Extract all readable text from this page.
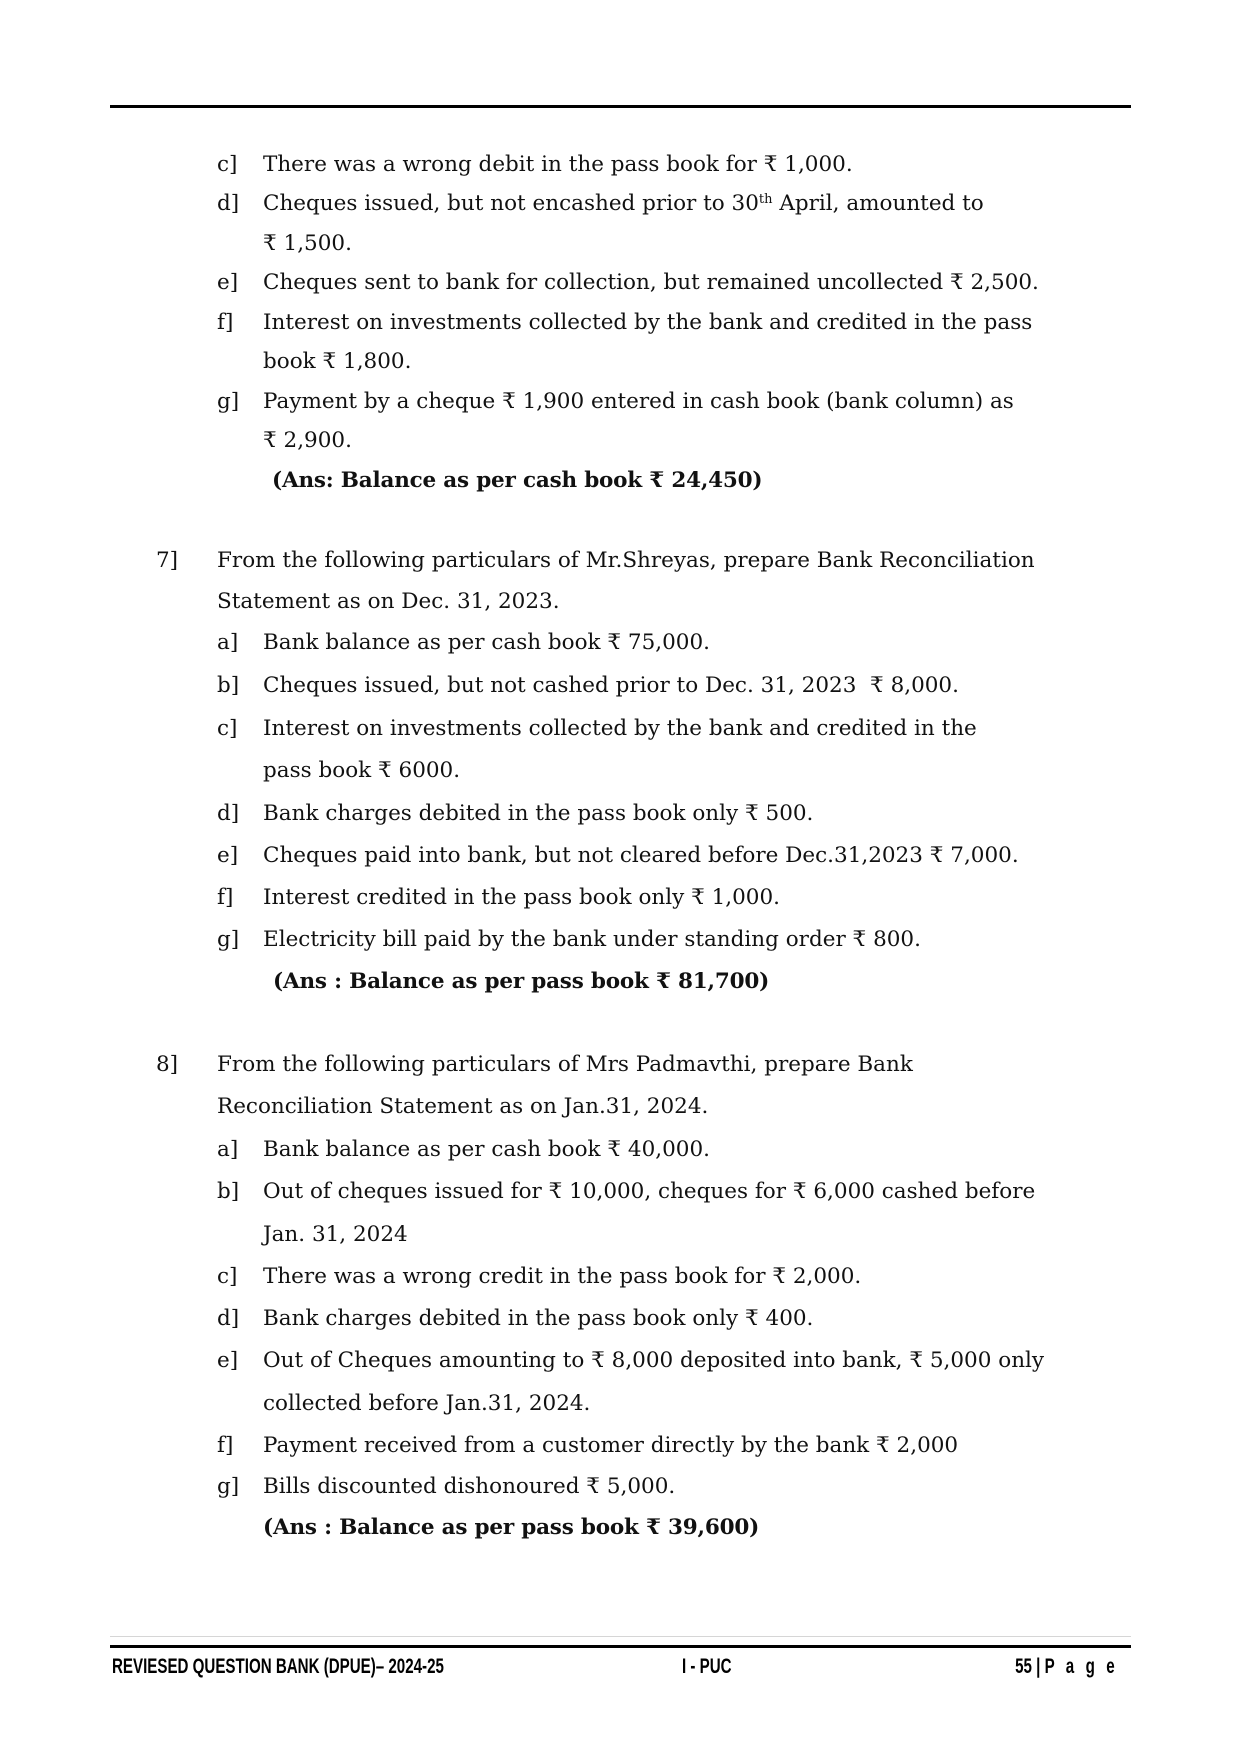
c] There was a wrong debit in the pass book for ₹ 1,000.
d] Cheques issued, but not encashed prior to 30th April, amounted to
₹ 1,500.
e] Cheques sent to bank for collection, but remained uncollected ₹ 2,500.
f] Interest on investments collected by the bank and credited in the pass
book ₹ 1,800.
g] Payment by a cheque ₹ 1,900 entered in cash book (bank column) as
₹ 2,900.
(Ans: Balance as per cash book ₹ 24,450)
7] From the following particulars of Mr.Shreyas, prepare Bank Reconciliation
Statement as on Dec. 31, 2023.
a] Bank balance as per cash book ₹ 75,000.
b] Cheques issued, but not cashed prior to Dec. 31, 2023  ₹ 8,000.
c] Interest on investments collected by the bank and credited in the
pass book ₹ 6000.
d] Bank charges debited in the pass book only ₹ 500.
e] Cheques paid into bank, but not cleared before Dec.31,2023 ₹ 7,000.
f] Interest credited in the pass book only ₹ 1,000.
g] Electricity bill paid by the bank under standing order ₹ 800.
(Ans : Balance as per pass book ₹ 81,700)
8] From the following particulars of Mrs Padmavthi, prepare Bank
Reconciliation Statement as on Jan.31, 2024.
a] Bank balance as per cash book ₹ 40,000.
b] Out of cheques issued for ₹ 10,000, cheques for ₹ 6,000 cashed before
Jan. 31, 2024
c] There was a wrong credit in the pass book for ₹ 2,000.
d] Bank charges debited in the pass book only ₹ 400.
e] Out of Cheques amounting to ₹ 8,000 deposited into bank, ₹ 5,000 only
collected before Jan.31, 2024.
f] Payment received from a customer directly by the bank ₹ 2,000
g] Bills discounted dishonoured ₹ 5,000.
(Ans : Balance as per pass book ₹ 39,600)
REVIESED QUESTION BANK (DPUE)– 2024-25	I - PUC	55 | P a g e
